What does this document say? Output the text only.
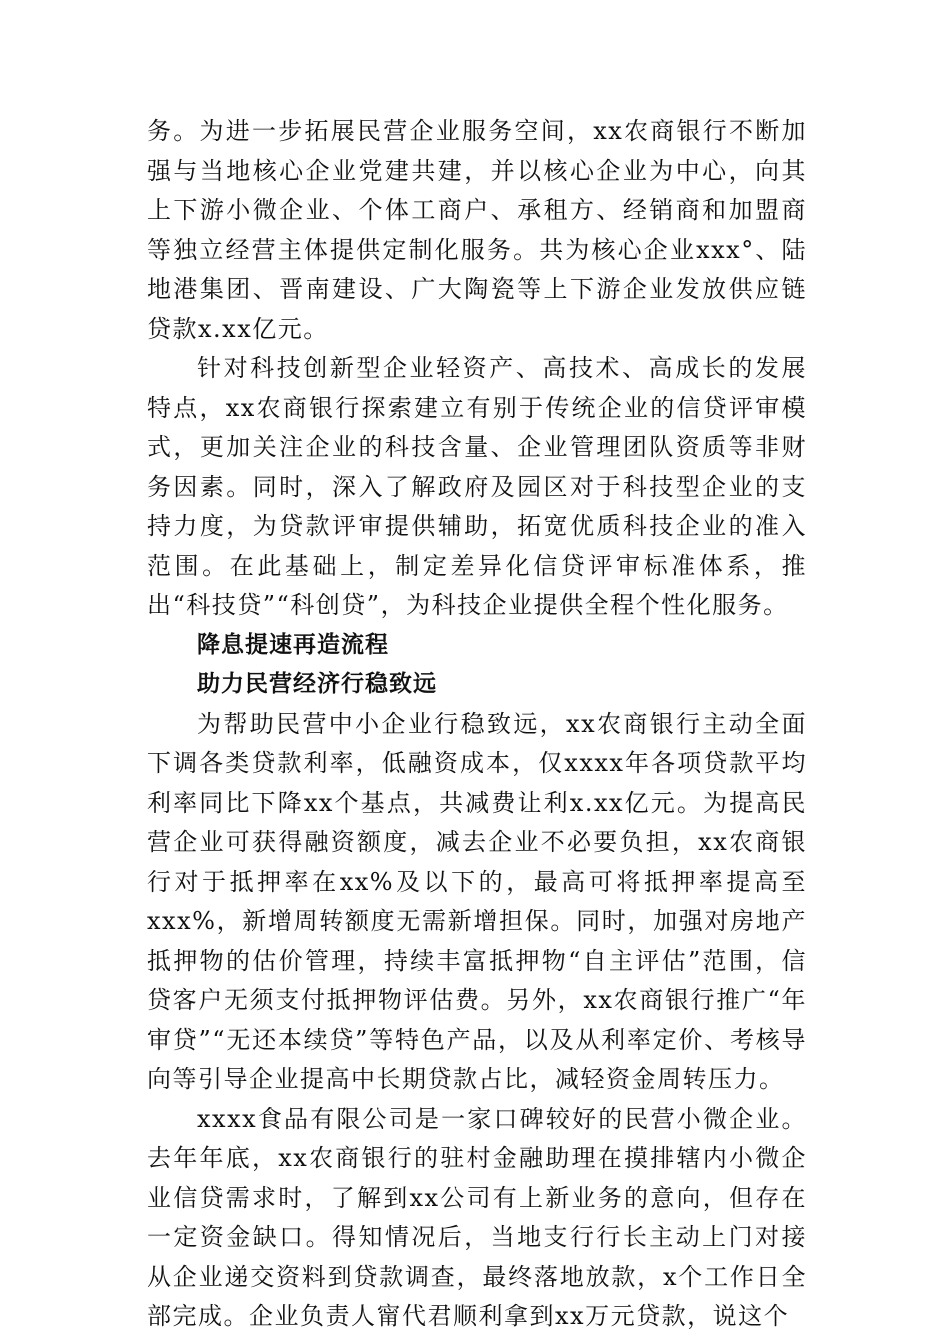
务。为进一步拓展民营企业服务空间，xx农商银行不断加强与当地核心企业党建共建，并以核心企业为中心，向其上下游小微企业、个体工商户、承租方、经销商和加盟商等独立经营主体提供定制化服务。共为核心企业xxx°、陆地港集团、晋南建设、广大陶瓷等上下游企业发放供应链贷款x.xx亿元。

针对科技创新型企业轻资产、高技术、高成长的发展特点，xx农商银行探索建立有别于传统企业的信贷评审模式，更加关注企业的科技含量、企业管理团队资质等非财务因素。同时，深入了解政府及园区对于科技型企业的支持力度，为贷款评审提供辅助，拓宽优质科技企业的准入范围。在此基础上，制定差异化信贷评审标准体系，推出“科技贷”“科创贷”，为科技企业提供全程个性化服务。

降息提速再造流程

助力民营经济行稳致远

为帮助民营中小企业行稳致远，xx农商银行主动全面下调各类贷款利率，低融资成本，仅xxxx年各项贷款平均利率同比下降xx个基点，共减费让利x.xx亿元。为提高民营企业可获得融资额度，减去企业不必要负担，xx农商银行对于抵押率在xx%及以下的，最高可将抵押率提高至xxx%，新增周转额度无需新增担保。同时，加强对房地产抵押物的估价管理，持续丰富抵押物“自主评估”范围，信贷客户无须支付抵押物评估费。另外，xx农商银行推广“年审贷”“无还本续贷”等特色产品，以及从利率定价、考核导向等引导企业提高中长期贷款占比，减轻资金周转压力。

xxxx食品有限公司是一家口碑较好的民营小微企业。去年年底，xx农商银行的驻村金融助理在摸排辖内小微企业信贷需求时，了解到xx公司有上新业务的意向，但存在一定资金缺口。得知情况后，当地支行行长主动上门对接从企业递交资料到贷款调查，最终落地放款，x个工作日全部完成。企业负责人甯代君顺利拿到xx万元贷款，说这个
